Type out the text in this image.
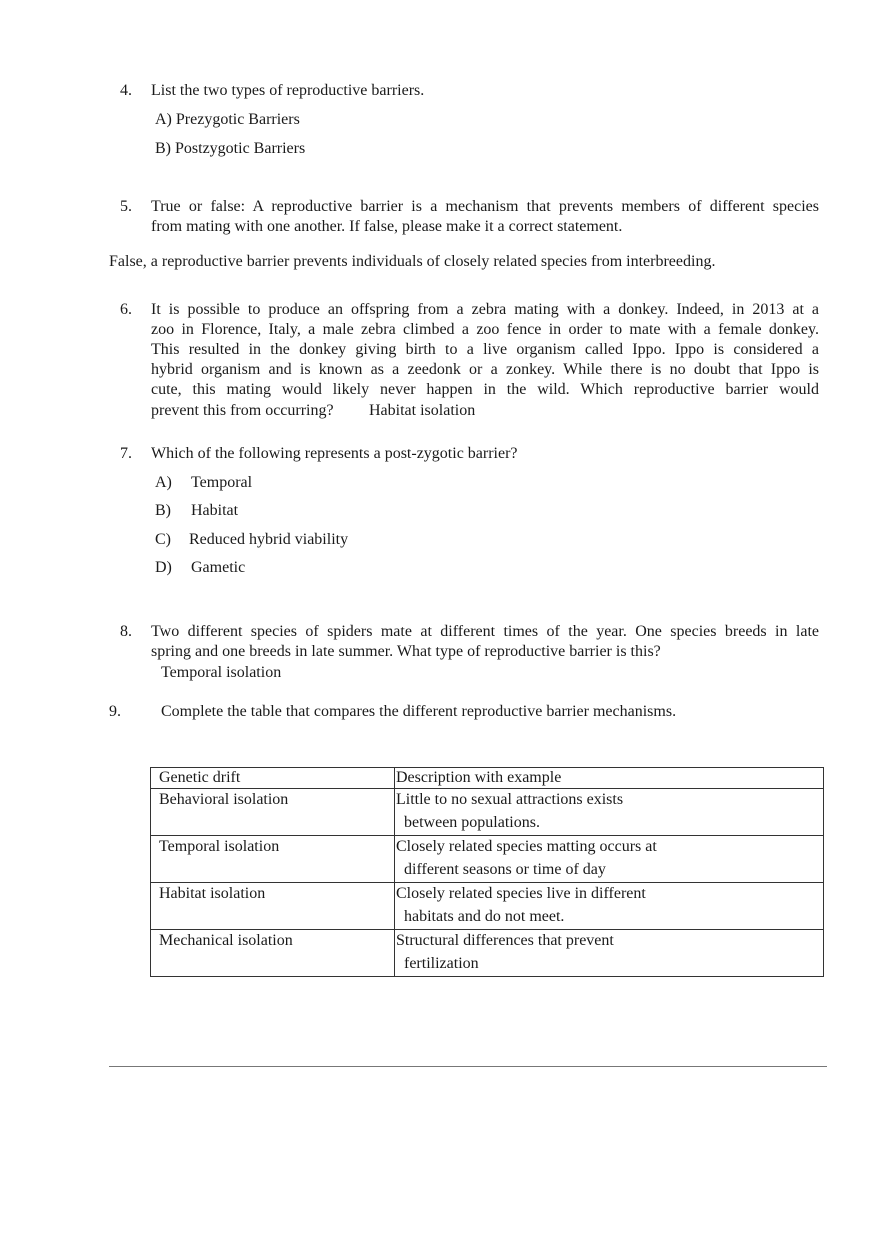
4.	List the two types of reproductive barriers.
A) Prezygotic Barriers
B) Postzygotic Barriers
5.	True or false: A reproductive barrier is a mechanism that prevents members of different species
from mating with one another. If false, please make it a correct statement.
False, a reproductive barrier prevents individuals of closely related species from interbreeding.
6.	It is possible to produce an offspring from a zebra mating with a donkey. Indeed, in 2013 at a
zoo in Florence, Italy, a male zebra climbed a zoo fence in order to mate with a female donkey.
This resulted in the donkey giving birth to a live organism called Ippo. Ippo is considered a
hybrid organism and is known as a zeedonk or a zonkey. While there is no doubt that Ippo is
cute, this mating would likely never happen in the wild. Which reproductive barrier would
prevent this from occurring? Habitat isolation
7.	Which of the following represents a post-zygotic barrier?
A) Temporal
B) Habitat
C) Reduced hybrid viability
D) Gametic
8.	Two different species of spiders mate at different times of the year. One species breeds in late
spring and one breeds in late summer. What type of reproductive barrier is this?
Temporal isolation
9.	Complete the table that compares the different reproductive barrier mechanisms.
Genetic drift	Description with example

Behavioral isolation	Little to no sexual attractions exists
between populations.

Temporal isolation	Closely related species matting occurs at
different seasons or time of day

Habitat isolation	Closely related species live in different
habitats and do not meet.

Mechanical isolation	Structural differences that prevent
fertilization
